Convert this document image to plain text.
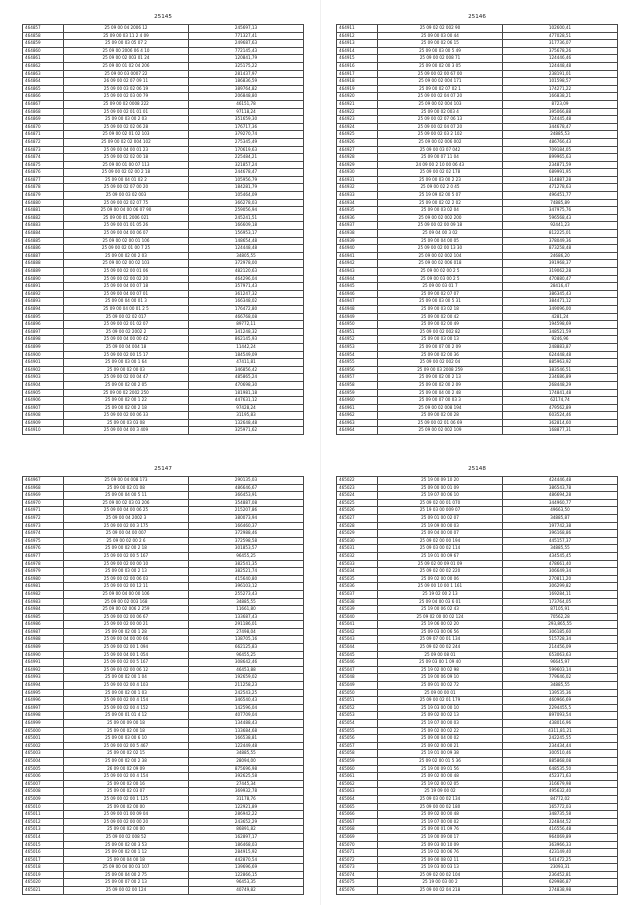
25145
464857	25 09 00 04 2006 12	245697,13
464858	25 09 00 03 11 2 4 09	771327,41
464859	25 09 00 03 05 07 2	249687,63
464860	25 09 00 2006 06 4 10	772145,43
464861	25 09 00 02 003 01 24	120841,79
464862	25 09 00 01 02 04 206	325175,22
464863	25 09 00 03 0007 22	281437,97
464864	26 09 00 02 07 09 11	186836,59
464865	25 09 00 03 02 06 19	389764,82
464866	25 09 00 02 03 00 79	206848,80
464867	25 09 00 02 0008 222	46151,78
464868	25 09 00 02 01 01 01	97118,24
464869	25 09 00 03 00 2 03	351659,30
464870	25 09 00 02 02 06 28	176717,36
464871	25 09 00 02 01 02 103	379270,74
464872	25 09 00 02 02 004 102	275345,49
464873	25 09 00 04 00 01 23	170619,63
464874	25 09 00 02 02 00 18	225484,21
464875	25 09 00 01 00 07 113	321857,24
464876	25 09 00 02 02 00 2 18	244678,47
464877	25 09 00 04 01 02 2	105956,79
464878	25 09 00 02 07 00 20	184281,79
464879	25 09 00 03 02 003	105464,09
464880	25 09 00 02 02 07 75	366278,03
464881	25 09 00 04 00 06 07 90	259056,94
464882	25 09 00 01 2006 021	245241,51
464883	25 09 00 01 01 05 26	166609,18
464884	25 09 00 04 00 06 07	156953,17
464885	25 09 00 02 00 01 106	148654,48
464886	25 09 00 02 01 00 7 25	124448,48
464887	25 09 00 02 00 2 03	34805,55
464888	25 09 00 02 00 02 103	372978,00
464889	25 09 00 02 00 01 06	482120,63
464890	25 09 00 02 00 02 20	464296,04
464891	25 09 00 04 00 07 18	357971,43
464892	25 09 00 04 00 07 01	361247,32
464893	25 09 00 04 00 01 3	166348,02
464894	25 09 00 04 00 01 2 5	176472,80
464895	25 09 00 02 02 017	466768,08
464896	25 09 00 02 01 02 07	89772,11
464897	25 09 00 02 2002 2	341248,32
464898	25 09 00 04 00 00 42	862145,93
464899	25 09 00 04 004 18	11442,24
464900	25 09 00 02 00 15 17	184549,09
464901	25 09 00 03 00 1 64	47411,81
464902	25 09 00 02 00 03	346856,42
464903	25 09 00 02 00 04 47	485865,24
464904	25 09 00 02 00 2 05	470698,30
464905	25 09 00 02 2002 250	181981,18
464906	25 09 00 02 00 1 22	447631,12
464907	25 09 00 02 00 2 18	97428,24
464908	25 09 00 02 00 06 33	31195,83
464909	25 09 00 03 03 08	132648,48
464910	25 09 00 04 00 3 409	325971,62
25146
464911	25 09 02 02 002 90	102600,41
464912	25 09 00 03 00 44	477028,51
464913	25 09 00 02 06 15	317736,07
464914	25 09 00 03 00 5 49	375678,26
464915	25 09 00 02 008 71	124446,46
464916	25 09 00 02 00 3 05	124448,48
464917	25 09 00 02 00 67 00	238191,01
464918	25 09 00 02 004 171	101598,57
464919	25 09 00 02 07 02 1	174271,22
464920	25 09 00 02 04 07 20	166838,21
464921	25 09 00 02 004 103	8723,09
464922	25 09 00 02 003 4	395066,88
464923	25 09 00 02 07 06 13	724445,48
464924	25 09 00 02 04 07 20	344678,47
464925	25 09 00 02 03 2 102	24885,53
464926	25 09 00 02 006 002	486766,43
464927	25 09 00 03 07 042	709184,05
464928	25 09 00 07 11 04	899965,63
464929	24 09 00 2 10 00 06 43	234871,59
464930	25 09 00 02 02 178	689991,95
464931	25 09 00 03 00 2 23	314887,28
464932	25 09 00 02 2 0 45	471278,63
464933	25 19 09 02 00 5 07	496451,77
464934	25 09 00 02 02 2 02	74885,89
464935	25 09 00 03 02 04	347975,76
464936	25 09 00 02 002 200	596568,43
464937	25 09 00 02 00 09 18	92441,23
464938	25 09 04 00 3 02	812225,01
464939	25 09 00 04 00 05	378049,36
464940	25 09 00 02 00 13 30	873258,48
464941	25 09 00 02 002 104	24686,20
464942	25 09 00 02 006 018	391968,37
464943	25 09 00 02 00 2 5	319062,28
464944	25 09 00 03 00 2 5	470880,47
464945	25 09 00 03 01 7	28416,47
464946	25 09 00 02 07 07	386345,43
464947	25 09 00 03 00 5 31	384471,12
464948	25 09 00 03 02 18	349096,00
464949	25 09 00 02 00 42	4281,24
464950	25 09 00 02 00 49	194598,69
464951	25 09 00 02 002 82	348521,59
464952	25 09 00 03 00 13	9246,96
464953	25 09 00 07 00 2 09	248883,87
464954	25 09 00 02 00 36	624448,48
464955	25 09 00 02 002 04	885963,92
464956	25 09 00 03 2008 259	383546,51
464957	25 09 00 02 00 2 13	234686,89
464958	25 09 00 02 00 2 09	268448,29
464959	25 09 00 04 00 2 48	174841,48
464960	25 09 00 07 00 03 3	62174,74
464961	25 09 00 02 008 194	479562,89
464962	25 09 00 02 00 28	603524,46
464963	25 09 00 02 01 06 69	362814,60
464964	25 09 00 02 002 109	168877,31
25147
464967	25 09 00 04 008 173	290135,03
464968	25 09 00 02 01 08	486646,67
464969	25 09 00 04 00 5 11	366453,91
464970	25 09 00 02 03 03 206	354887,08
464971	25 09 00 04 00 06 25	215207,86
464972	25 09 00 04 2002 3	380073,94
464973	25 09 00 02 00 3 175	166460,37
464974	25 09 00 04 00 007	372988,46
464975	25 09 00 02 00 2 6	372598,58
464976	25 09 00 02 00 2 18	301853,57
464977	25 09 00 02 00 5 167	96455,25
464978	25 09 00 02 00 00 10	382541,35
464979	25 09 00 03 00 2 13	382521,74
464980	25 09 00 02 00 06 03	415640,80
464981	25 09 00 02 00 12 11	396103,12
464982	25 09 00 04 00 00 106	255273,43
464983	25 09 00 02 003 168	34885,55
464984	25 09 00 02 006 2 259	11661,80
464985	25 09 00 02 00 06 67	133687,43
464986	25 09 00 02 00 00 21	291186,01
464987	25 09 00 02 00 1 28	27498,04
464988	25 09 00 04 00 00 66	138705,16
464989	25 09 00 02 00 1 094	662125,83
464990	25 09 00 04 00 1 054	96455,25
464991	25 09 00 02 00 5 167	308642,46
464992	25 09 00 02 00 06 12	46453,88
464993	25 09 00 02 00 1 04	192659,02
464994	25 09 00 02 00 4 103	211258,23
464995	25 09 00 02 00 1 03	242543,25
464996	25 09 00 02 00 4 154	346540,43
464997	25 09 00 02 00 4 152	142596,04
464998	25 09 00 01 01 4 12	407709,04
464999	25 09 00 09 00 18	134488,43
465000	25 09 00 02 00 18	133684,68
465001	25 09 00 03 00 6 10	166538,81
465002	25 09 00 02 00 5 467	122449,48
465003	25 09 00 02 02 15	34885,55
465004	25 09 00 02 00 2 38	28094,00
465005	26 09 00 02 09 09	875696,98
465006	25 09 00 02 00 4 154	392625,58
465007	25 09 00 02 00 16	27445,34
465008	25 09 00 02 03 07	369932,78
465009	25 09 00 02 00 1 125	31178,76
465010	25 09 00 02 00 00	122921,89
465011	25 09 00 01 00 09 04	286942,22
465012	25 09 00 02 00 00 20	243652,29
465013	25 09 00 02 00 00	86891,82
465014	25 09 00 02 008 52	162897,17
465015	25 09 00 02 00 3 53	186468,03
465016	25 09 00 02 00 1 12	284915,92
465017	25 09 00 04 00 18	442870,54
465018	25 09 00 04 00 03 107	139696,69
465019	25 09 00 04 00 2 75	122866,15
465020	25 09 00 07 00 2 13	96453,35
465021	25 09 00 02 00 124	40749,82
25148
465022	25 19 00 09 10 20	424446,48
465023	25 09 00 00 01 09	386543,78
465024	25 19 07 00 06 10	486694,28
465025	25 09 02 00 01 070	344960,77
465026	25 19 03 00 009 07	49663,50
465027	25 09 01 00 02 07	34885,87
465028	25 19 09 00 00 03	197742,38
465029	25 09 04 00 00 07	396168,86
465030	25 09 02 00 00 194	445157,37
465031	25 09 03 00 02 114	34885,55
465032	25 19 01 00 09 67	434545,45
465033	25 09 02 00 09 01 09	478661,40
465034	25 09 02 00 02 220	306649,34
465035	25 09 02 00 00 06	270811,20
465036	25 09 00 10 00 1 161	306299,82
465037	25 19 02 00 2 13	169284,11
465038	25 09 04 00 03 6 01	173764,05
465039	25 19 00 06 02 43	87105,91
465040	25 09 02 00 00 02 124	70562,28
465041	25 19 06 00 02 20	293,865,55
465042	25 09 03 00 06 56	306185,60
465043	25 09 07 00 01 134	515728,34
465044	25 09 02 00 02 244	214456,09
465045	25 09 00 08 01	653063,63
465046	25 09 03 00 1 09 40	96645,97
465047	25 19 02 00 02 98	599603,14
465048	25 19 00 06 09 10	779646,02
465049	25 09 01 00 02 72	34885,55
465050	25 09 00 00 01	139535,36
465051	25 09 00 02 01 179	460966,69
465052	25 19 03 00 00 10	2294455,5
465053	25 09 02 00 02 13	897093,54
465054	25 19 07 00 00 03	438016,96
465055	25 09 02 00 02 22	4311,81,21
465056	25 09 00 04 00 02	242245,55
465057	25 09 02 00 00 21	234434,44
465058	25 19 01 00 09 38	300510,46
465059	25 09 02 00 01 5 36	885868,08
465060	25 19 00 09 01 56	648535,50
465061	25 09 02 00 00 48	452371,63
465062	25 19 02 00 02 05	316679,98
465063	25 19 09 00 02	495632,40
465064	25 09 03 00 02 134	84772,02
465065	25 09 00 00 02 180	165772,03
465066	25 09 02 00 00 48	348735,58
465067	25 19 07 00 00 02	224844,52
465068	25 09 00 01 09 76	416556,48
465069	25 19 00 09 00 17	964069,89
465070	25 09 03 00 10 09	363966,33
465071	25 19 02 00 06 76	423149,40
465072	25 09 00 08 02 11	541472,25
465073	25 19 03 00 03 13	23093,31
465074	25 09 02 00 02 104	236452,81
465075	25 19 00 03 00 2	629986,87
465076	25 09 00 02 04 218	274838,98
